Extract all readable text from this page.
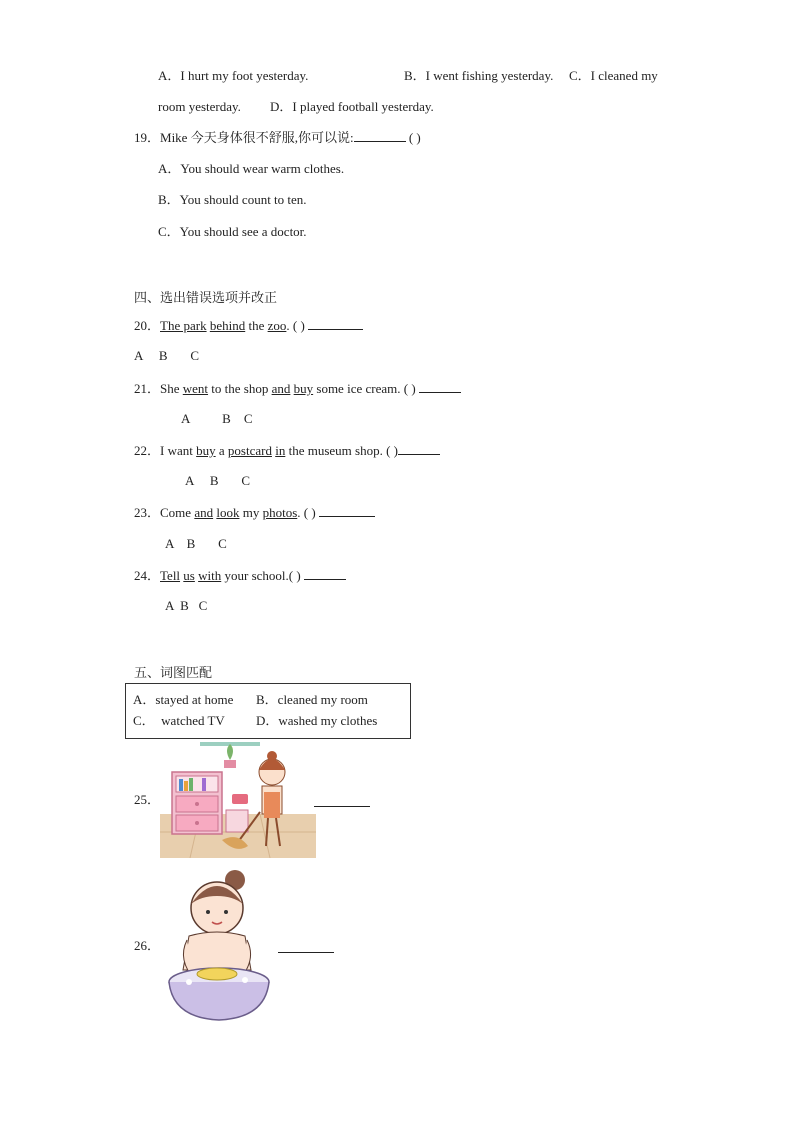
A．I hurt my foot yesterday.	B．I went fishing yesterday. C．I cleaned my
room yesterday. D．I played football yesterday.
19．Mike 今天身体很不舒服,你可以说:	( )
A．You should wear warm clothes.
B．You should count to ten.
C．You should see a doctor.
四、选出错误选项并改正
20．The park behind the zoo. ( )
A     B       C
21．She went to the shop and buy some ice cream. ( )
A          B    C
22．I want buy a postcard in the museum shop. ( )
A     B       C
23．Come and look my photos. ( )
A    B       C
24．Tell us with your school.( )
A  B   C
五、词图匹配
A．stayed at home B．cleaned my room
C．  watched TV D．washed my clothes
25．
26．
